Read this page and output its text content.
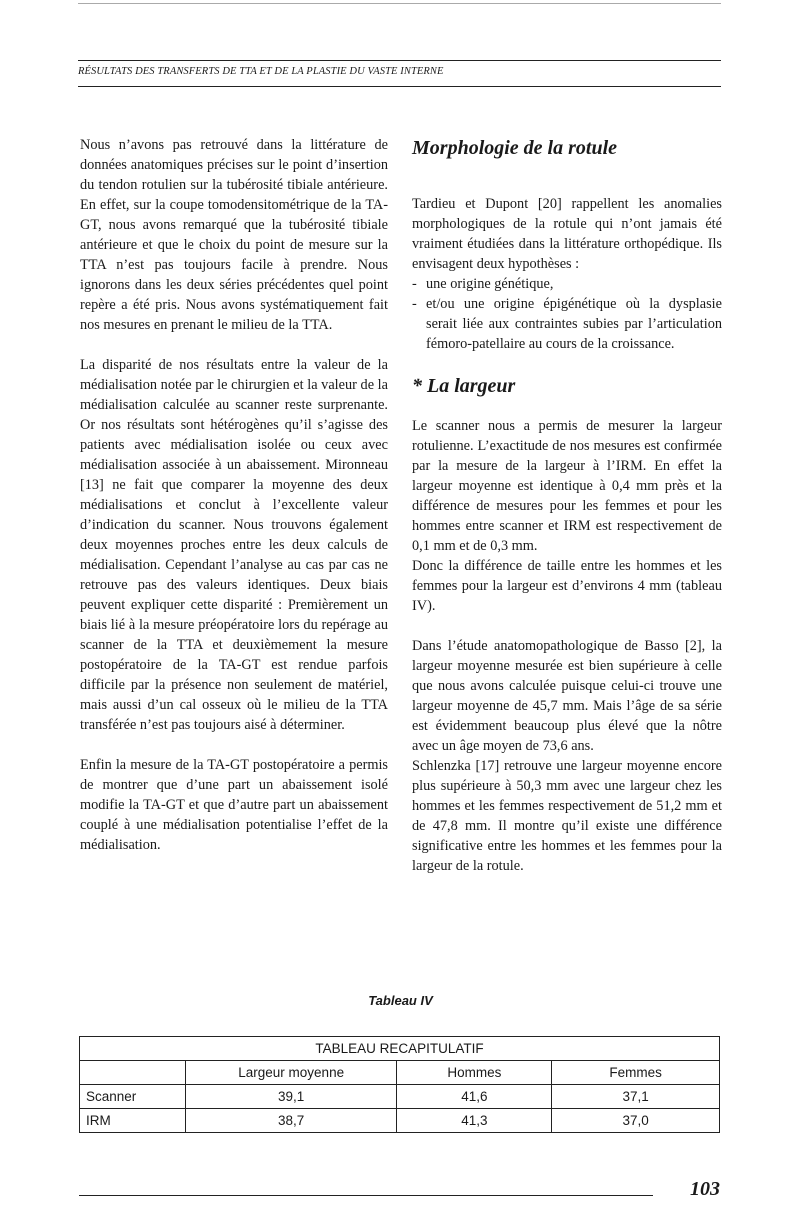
RÉSULTATS DES TRANSFERTS DE TTA ET DE LA PLASTIE DU VASTE INTERNE

Nous n’avons pas retrouvé dans la littérature de données anatomiques précises sur le point d’insertion du tendon rotulien sur la tubérosité tibiale antérieure. En effet, sur la coupe tomodensitométrique de la TA-GT, nous avons remarqué que la tubérosité tibiale antérieure et que le choix du point de mesure sur la TTA n’est pas toujours facile à prendre. Nous ignorons dans les deux séries précédentes quel point repère a été pris. Nous avons systématiquement fait nos mesures en prenant le milieu de la TTA.

La disparité de nos résultats entre la valeur de la médialisation notée par le chirurgien et la valeur de la médialisation calculée au scanner reste surprenante. Or nos résultats sont hétérogènes qu’il s’agisse des patients avec médialisation isolée ou ceux avec médialisation associée à un abaissement. Mironneau [13] ne fait que comparer la moyenne des deux médialisations et conclut à l’excellente valeur d’indication du scanner. Nous trouvons également deux moyennes proches entre les deux calculs de médialisation. Cependant l’analyse au cas par cas ne retrouve pas des valeurs identiques. Deux biais peuvent expliquer cette disparité : Premièrement un biais lié à la mesure préopératoire lors du repérage au scanner de la TTA et deuxièmement la mesure postopératoire de la TA-GT est rendue parfois difficile par la présence non seulement de matériel, mais aussi d’un cal osseux où le milieu de la TTA transférée n’est pas toujours aisé à déterminer.

Enfin la mesure de la TA-GT postopératoire a permis de montrer que d’une part un abaissement isolé modifie la TA-GT et que d’autre part un abaissement couplé à une médialisation potentialise l’effet de la médialisation.

Morphologie de la rotule

Tardieu et Dupont [20] rappellent les anomalies morphologiques de la rotule qui n’ont jamais été vraiment étudiées dans la littérature orthopédique. Ils envisagent deux hypothèses :

- une origine génétique,
- et/ou une origine épigénétique où la dysplasie serait liée aux contraintes subies par l’articulation fémoro-patellaire au cours de la croissance.
* La largeur

Le scanner nous a permis de mesurer la largeur rotulienne. L’exactitude de nos mesures est confirmée par la mesure de la largeur à l’IRM. En effet la largeur moyenne est identique à 0,4 mm près et la différence de mesures pour les femmes et pour les hommes entre scanner et IRM est respectivement de 0,1 mm et de 0,3 mm.

Donc la différence de taille entre les hommes et les femmes pour la largeur est d’environs 4 mm (tableau IV).

Dans l’étude anatomopathologique de Basso [2], la largeur moyenne mesurée est bien supérieure à celle que nous avons calculée puisque celui-ci trouve une largeur moyenne de 45,7 mm. Mais l’âge de sa série est évidemment beaucoup plus élevé que la nôtre avec un âge moyen de 73,6 ans.

Schlenzka [17] retrouve une largeur moyenne encore plus supérieure à 50,3 mm avec une largeur chez les hommes et les femmes respectivement de 51,2 mm et de 47,8 mm. Il montre qu’il existe une différence significative entre les hommes et les femmes pour la largeur de la rotule.

Tableau IV
TABLEAU RECAPITULATIF			
	Largeur moyenne	Hommes	Femmes
Scanner	39,1	41,6	37,1
IRM	38,7	41,3	37,0
103
